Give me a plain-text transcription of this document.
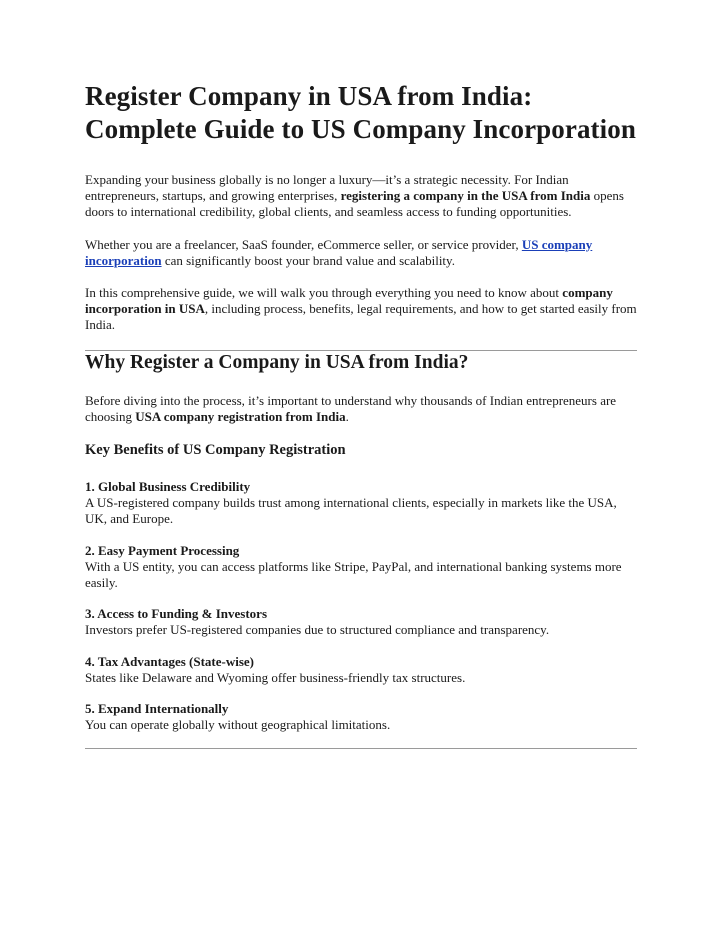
Register Company in USA from India: Complete Guide to US Company Incorporation

Expanding your business globally is no longer a luxury—it’s a strategic necessity. For Indian entrepreneurs, startups, and growing enterprises, registering a company in the USA from India opens doors to international credibility, global clients, and seamless access to funding opportunities.

Whether you are a freelancer, SaaS founder, eCommerce seller, or service provider, US company incorporation can significantly boost your brand value and scalability.

In this comprehensive guide, we will walk you through everything you need to know about company incorporation in USA, including process, benefits, legal requirements, and how to get started easily from India.

Why Register a Company in USA from India?

Before diving into the process, it’s important to understand why thousands of Indian entrepreneurs are choosing USA company registration from India.

Key Benefits of US Company Registration
1. Global Business Credibility
A US-registered company builds trust among international clients, especially in markets like the USA, UK, and Europe.
2. Easy Payment Processing
With a US entity, you can access platforms like Stripe, PayPal, and international banking systems more easily.
3. Access to Funding & Investors
Investors prefer US-registered companies due to structured compliance and transparency.
4. Tax Advantages (State-wise)
States like Delaware and Wyoming offer business-friendly tax structures.
5. Expand Internationally
You can operate globally without geographical limitations.
